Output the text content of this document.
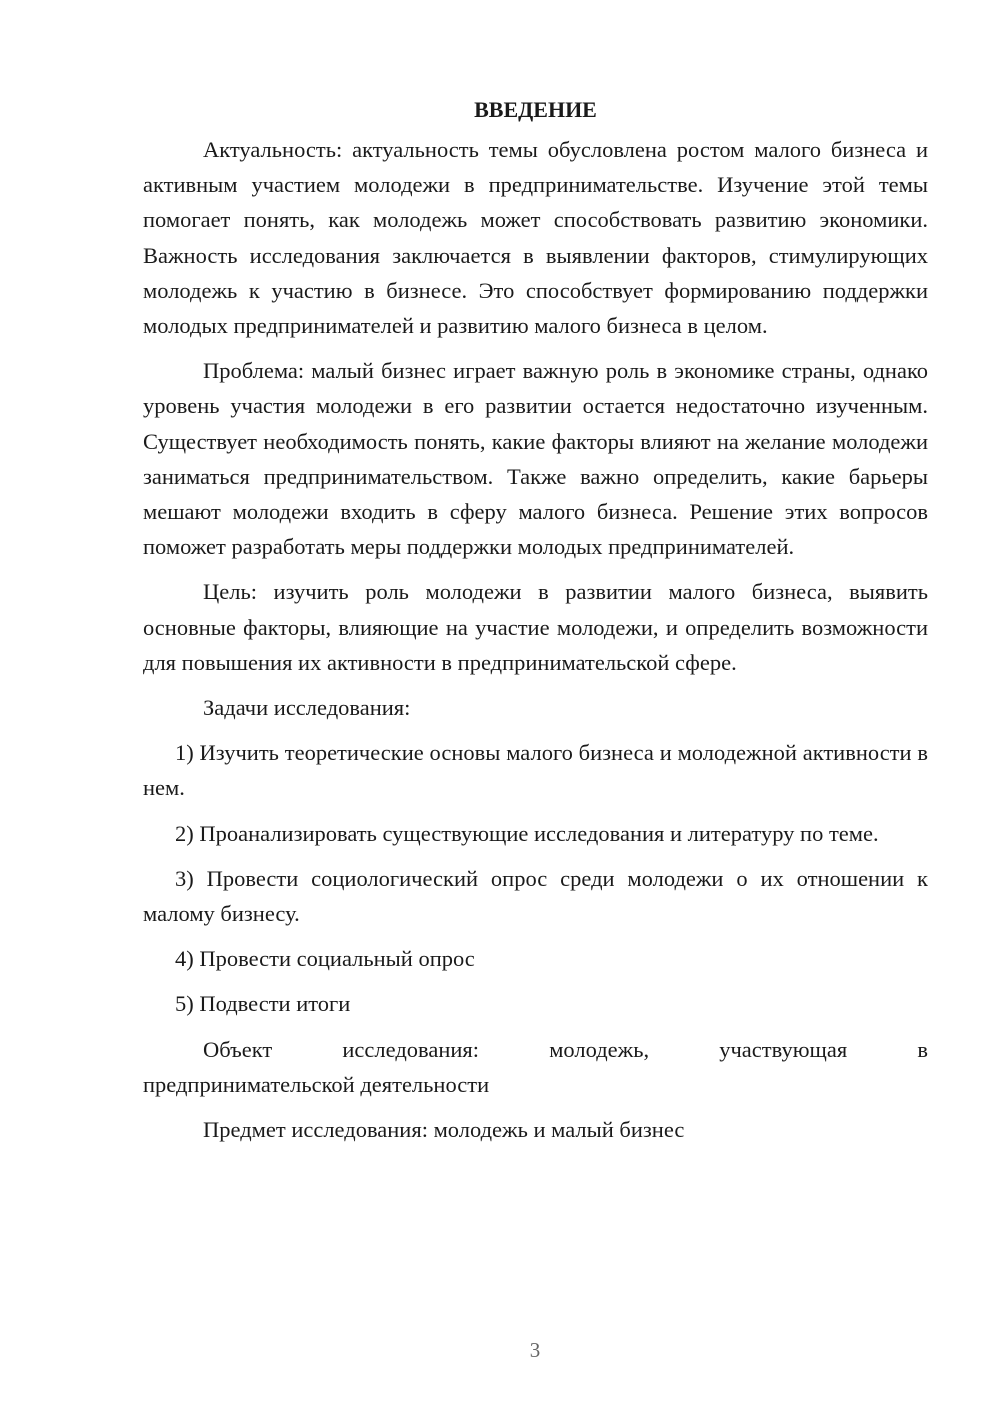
ВВЕДЕНИЕ

Актуальность: актуальность темы обусловлена ростом малого бизнеса и активным участием молодежи в предпринимательстве. Изучение этой темы помогает понять, как молодежь может способствовать развитию экономики. Важность исследования заключается в выявлении факторов, стимулирующих молодежь к участию в бизнесе. Это способствует формированию поддержки молодых предпринимателей и развитию малого бизнеса в целом.

Проблема: малый бизнес играет важную роль в экономике страны, однако уровень участия молодежи в его развитии остается недостаточно изученным. Существует необходимость понять, какие факторы влияют на желание молодежи заниматься предпринимательством. Также важно определить, какие барьеры мешают молодежи входить в сферу малого бизнеса. Решение этих вопросов поможет разработать меры поддержки молодых предпринимателей.

Цель: изучить роль молодежи в развитии малого бизнеса, выявить основные факторы, влияющие на участие молодежи, и определить возможности для повышения их активности в предпринимательской сфере.

Задачи исследования:

1) Изучить теоретические основы малого бизнеса и молодежной активности в нем.

2) Проанализировать существующие исследования и литературу по теме.

3) Провести социологический опрос среди молодежи о их отношении к малому бизнесу.

4) Провести социальный опрос

5) Подвести итоги

Объект	исследования:	молодежь,	участвующая	в
предпринимательской деятельности

Предмет исследования: молодежь и малый бизнес

3
